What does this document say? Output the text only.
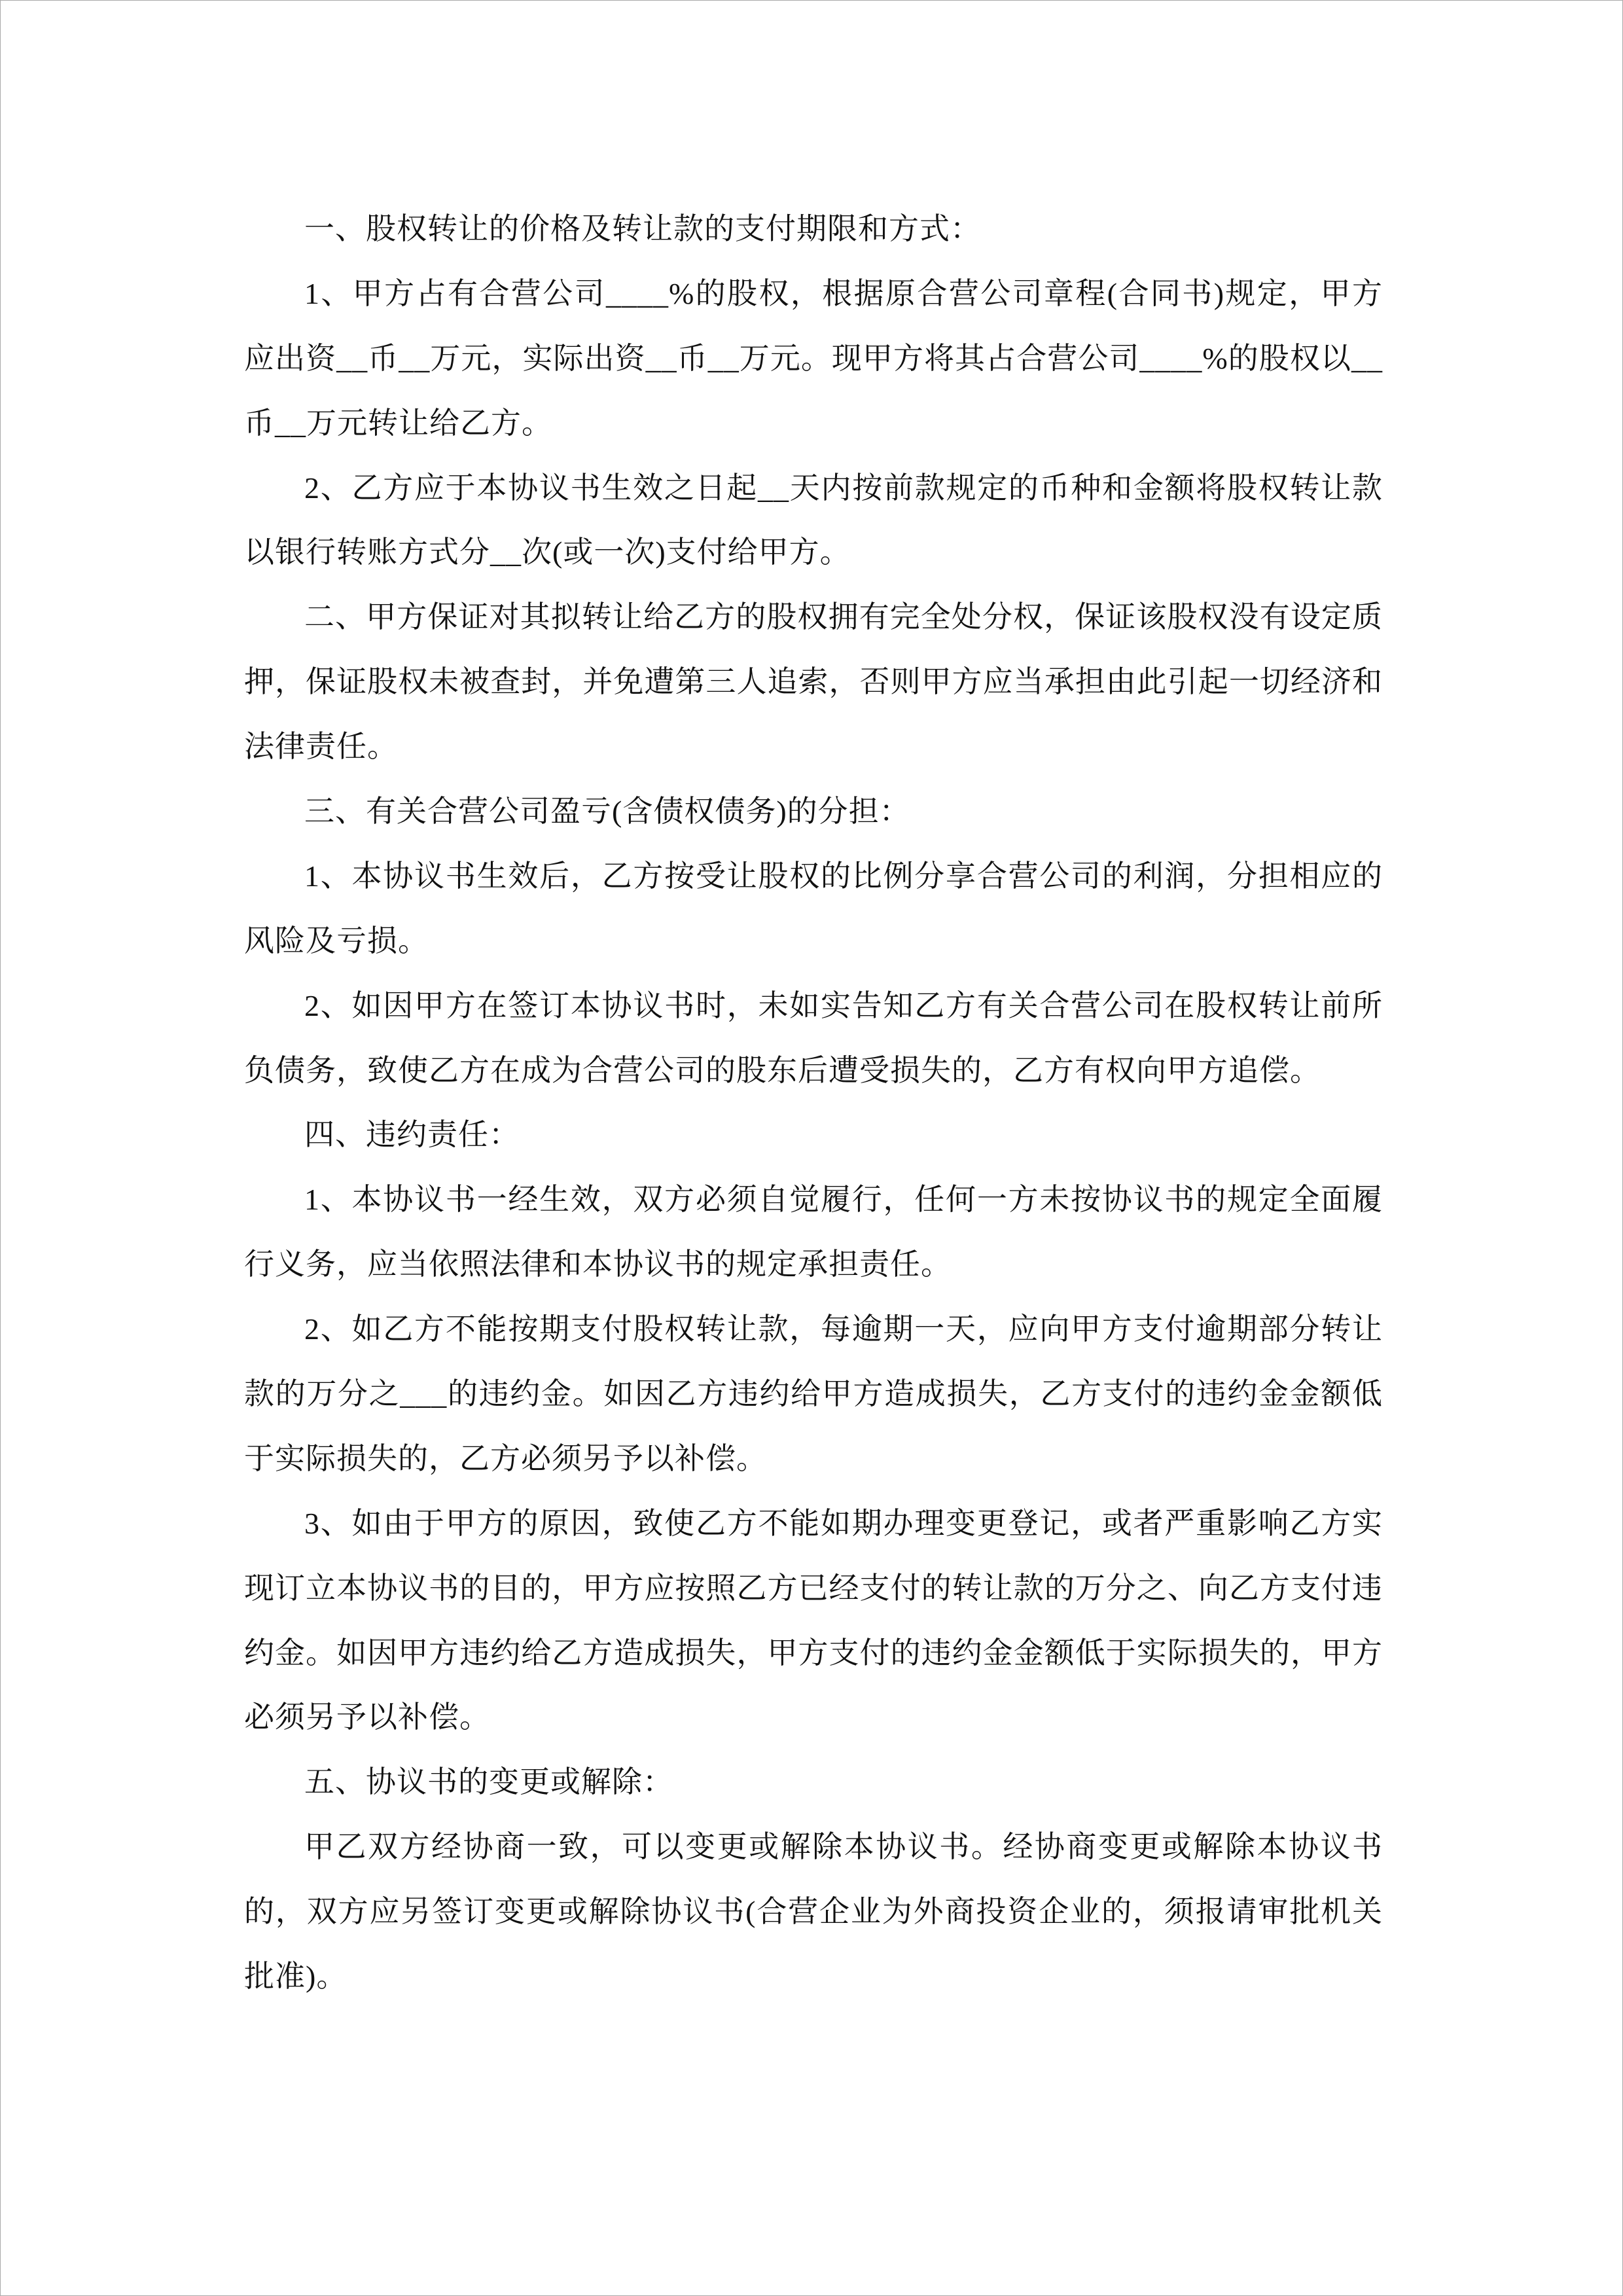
一、股权转让的价格及转让款的支付期限和方式：

1、甲方占有合营公司____%的股权，根据原合营公司章程(合同书)规定，甲方应出资__币__万元，实际出资__币__万元。现甲方将其占合营公司____%的股权以__币__万元转让给乙方。

2、乙方应于本协议书生效之日起__天内按前款规定的币种和金额将股权转让款以银行转账方式分__次(或一次)支付给甲方。

二、甲方保证对其拟转让给乙方的股权拥有完全处分权，保证该股权没有设定质押，保证股权未被查封，并免遭第三人追索，否则甲方应当承担由此引起一切经济和法律责任。

三、有关合营公司盈亏(含债权债务)的分担：

1、本协议书生效后，乙方按受让股权的比例分享合营公司的利润，分担相应的风险及亏损。

2、如因甲方在签订本协议书时，未如实告知乙方有关合营公司在股权转让前所负债务，致使乙方在成为合营公司的股东后遭受损失的，乙方有权向甲方追偿。

四、违约责任：

1、本协议书一经生效，双方必须自觉履行，任何一方未按协议书的规定全面履行义务，应当依照法律和本协议书的规定承担责任。

2、如乙方不能按期支付股权转让款，每逾期一天，应向甲方支付逾期部分转让款的万分之___的违约金。如因乙方违约给甲方造成损失，乙方支付的违约金金额低于实际损失的，乙方必须另予以补偿。

3、如由于甲方的原因，致使乙方不能如期办理变更登记，或者严重影响乙方实现订立本协议书的目的，甲方应按照乙方已经支付的转让款的万分之、向乙方支付违约金。如因甲方违约给乙方造成损失，甲方支付的违约金金额低于实际损失的，甲方必须另予以补偿。

五、协议书的变更或解除：

甲乙双方经协商一致，可以变更或解除本协议书。经协商变更或解除本协议书的，双方应另签订变更或解除协议书(合营企业为外商投资企业的，须报请审批机关批准)。
